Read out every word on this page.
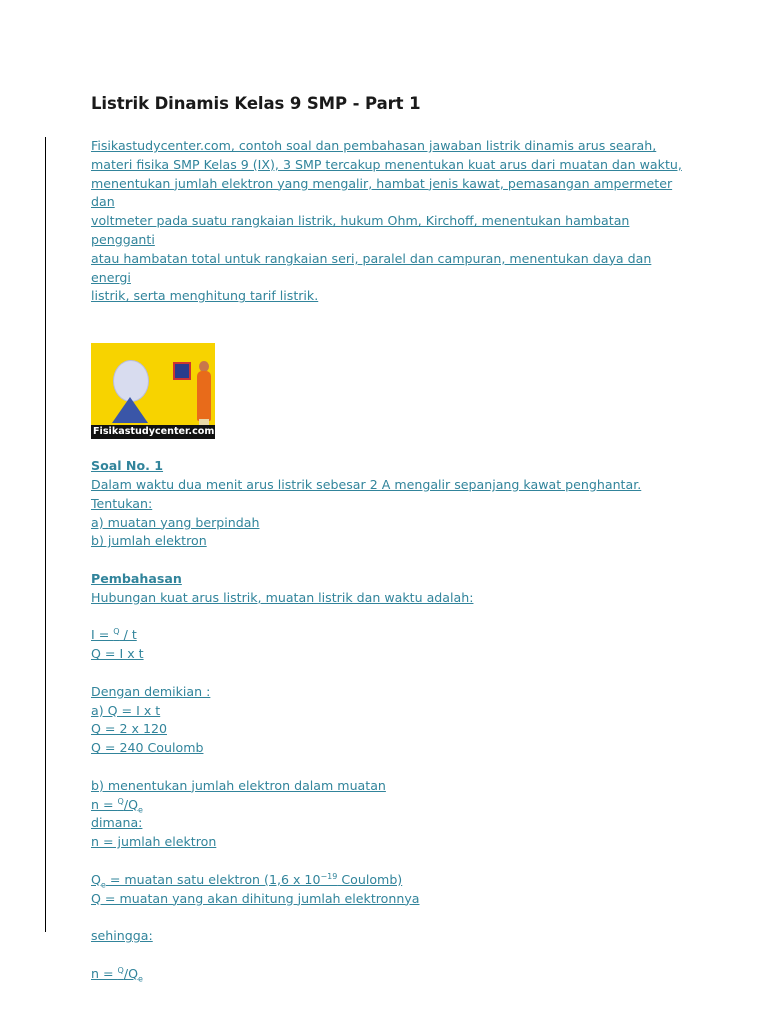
Listrik Dinamis Kelas 9 SMP - Part 1

Fisikastudycenter.com, contoh soal dan pembahasan jawaban listrik dinamis arus searah,

materi fisika SMP Kelas 9 (IX), 3 SMP tercakup menentukan kuat arus dari muatan dan waktu,

menentukan jumlah elektron yang mengalir, hambat jenis kawat, pemasangan ampermeter dan

voltmeter pada suatu rangkaian listrik, hukum Ohm, Kirchoff, menentukan hambatan pengganti

atau hambatan total untuk rangkaian seri, paralel dan campuran, menentukan daya dan energi

listrik, serta menghitung tarif listrik.

Fisikastudycenter.com

Soal No. 1

Dalam waktu dua menit arus listrik sebesar 2 A mengalir sepanjang kawat penghantar.

Tentukan:

a) muatan yang berpindah

b) jumlah elektron

Pembahasan

Hubungan kuat arus listrik, muatan listrik dan waktu adalah:

I = $^Q$ / t

Q = I x t

Dengan demikian :

a) Q = I x t

Q = 2 x 120

Q = 240 Coulomb

b) menentukan jumlah elektron dalam muatan

$n = ^Q/Q_e$

dimana:

n = jumlah elektron

$Q_e = muatan$ satu elektron (1,6 x $10^{-19}$ Coulomb)

Q = muatan yang akan dihitung jumlah elektronnya

sehingga:

$n = ^Q/Q_e$
